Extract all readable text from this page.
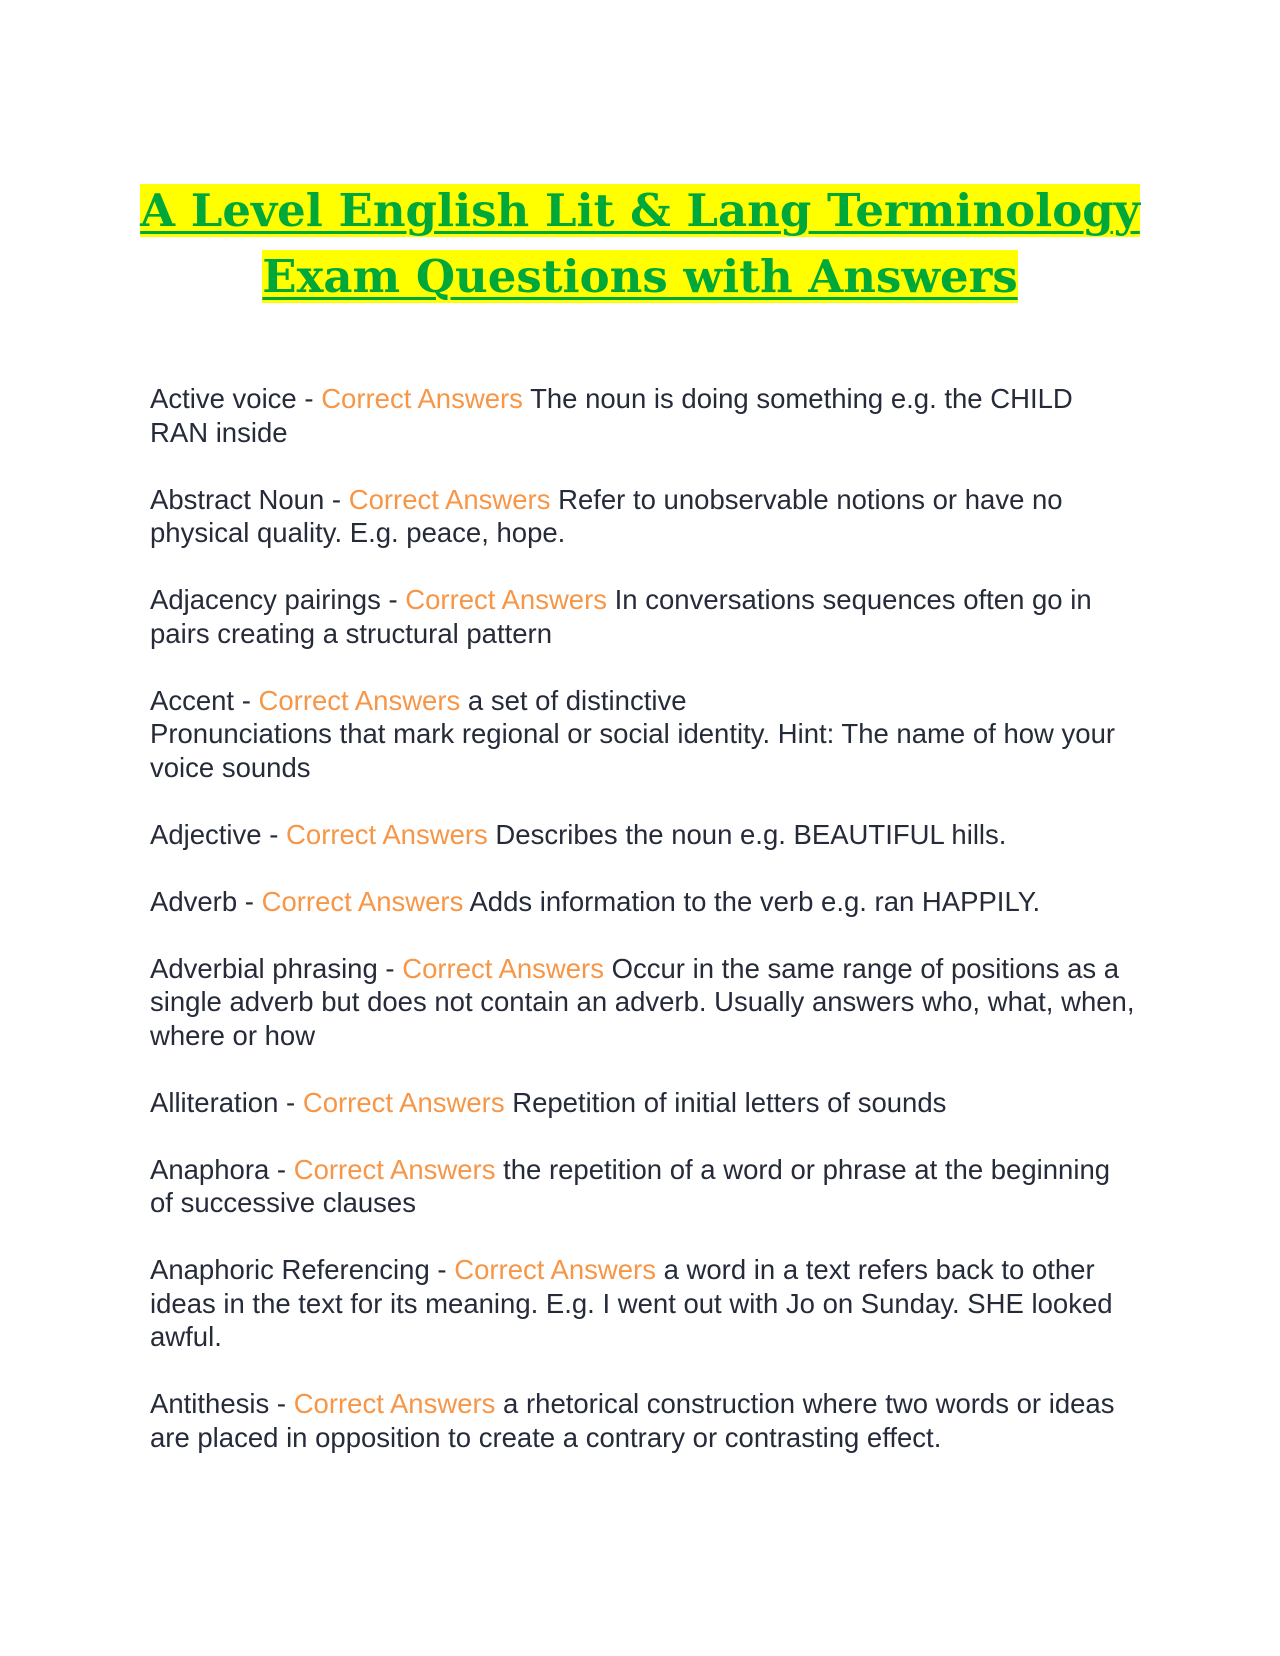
A Level English Lit & Lang Terminology
Exam Questions with Answers

Active voice - Correct Answers The noun is doing something e.g. the CHILD RAN inside

Abstract Noun - Correct Answers Refer to unobservable notions or have no physical quality. E.g. peace, hope.

Adjacency pairings - Correct Answers In conversations sequences often go in pairs creating a structural pattern

Accent - Correct Answers a set of distinctive
Pronunciations that mark regional or social identity. Hint: The name of how your voice sounds

Adjective - Correct Answers Describes the noun e.g. BEAUTIFUL hills.

Adverb - Correct Answers Adds information to the verb e.g. ran HAPPILY.

Adverbial phrasing - Correct Answers Occur in the same range of positions as a single adverb but does not contain an adverb. Usually answers who, what, when, where or how

Alliteration - Correct Answers Repetition of initial letters of sounds

Anaphora - Correct Answers the repetition of a word or phrase at the beginning of successive clauses

Anaphoric Referencing - Correct Answers a word in a text refers back to other ideas in the text for its meaning. E.g. I went out with Jo on Sunday. SHE looked awful.

Antithesis - Correct Answers a rhetorical construction where two words or ideas are placed in opposition to create a contrary or contrasting effect.
